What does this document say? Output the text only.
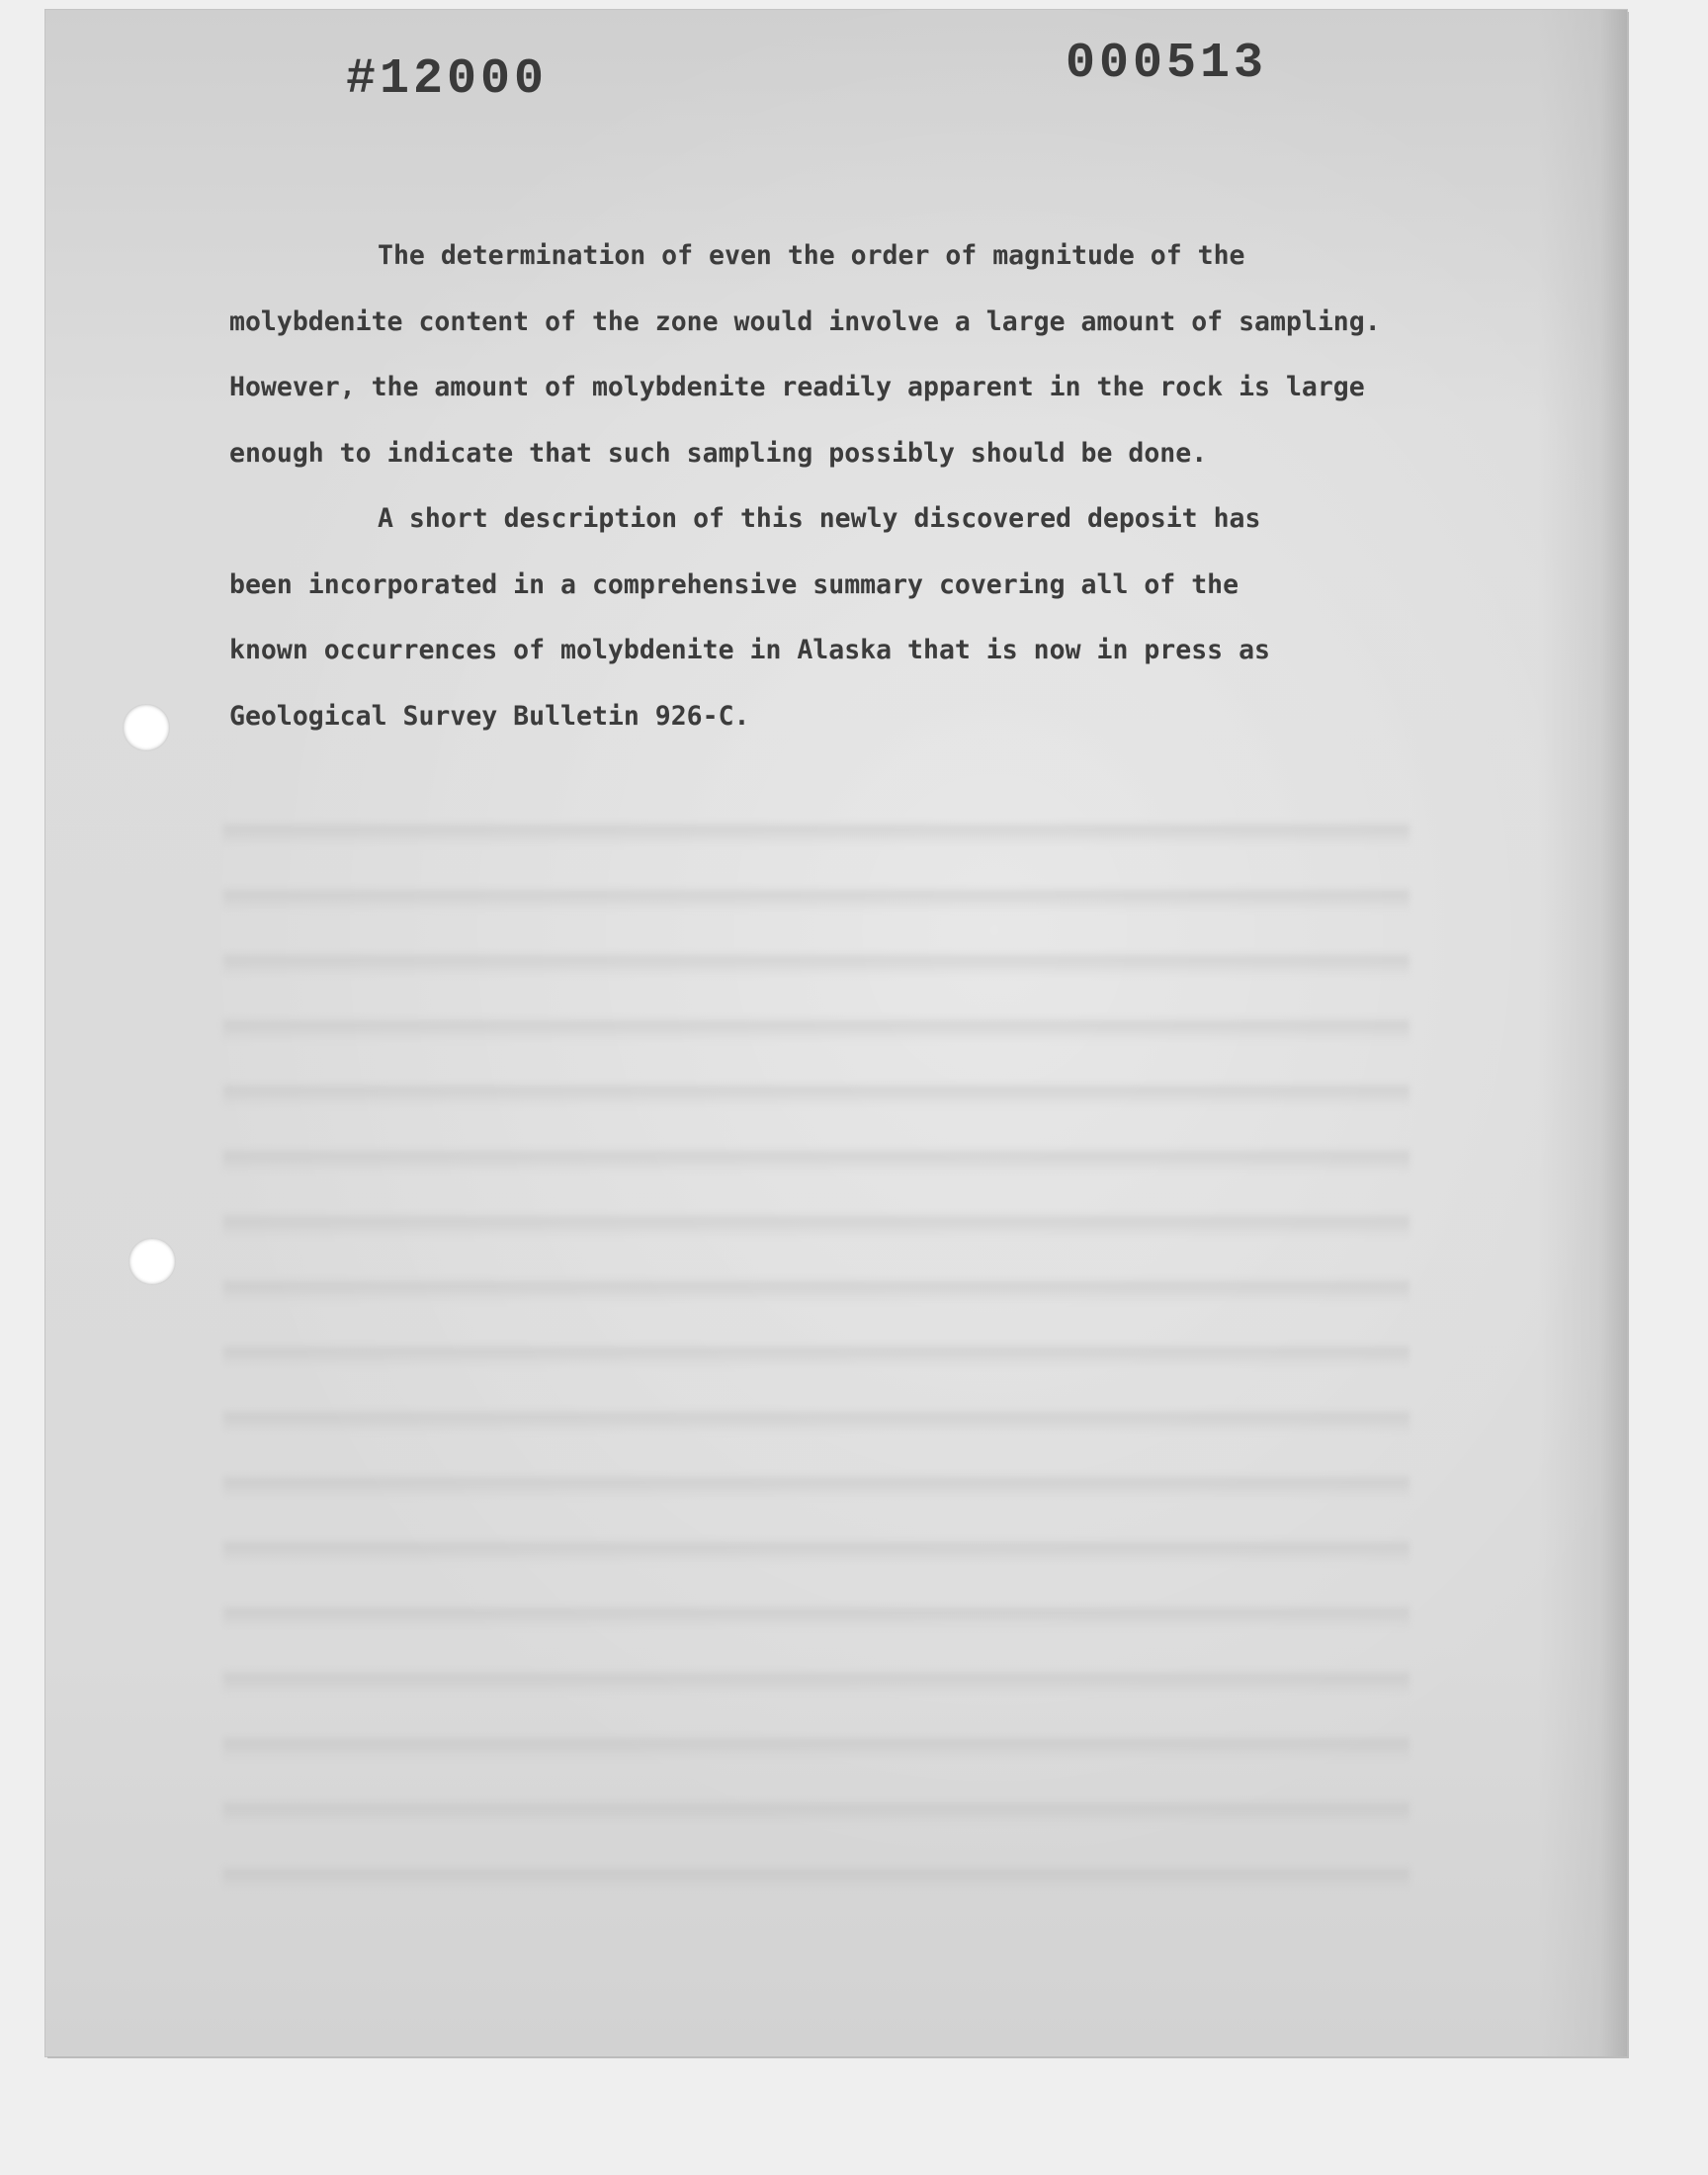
#12000	000513

The determination of even the order of magnitude of the
molybdenite content of the zone would involve a large amount of sampling.
However, the amount of molybdenite readily apparent in the rock is large
enough to indicate that such sampling possibly should be done.

A short description of this newly discovered deposit has
been incorporated in a comprehensive summary covering all of the
known occurrences of molybdenite in Alaska that is now in press as
Geological Survey Bulletin 926-C.
